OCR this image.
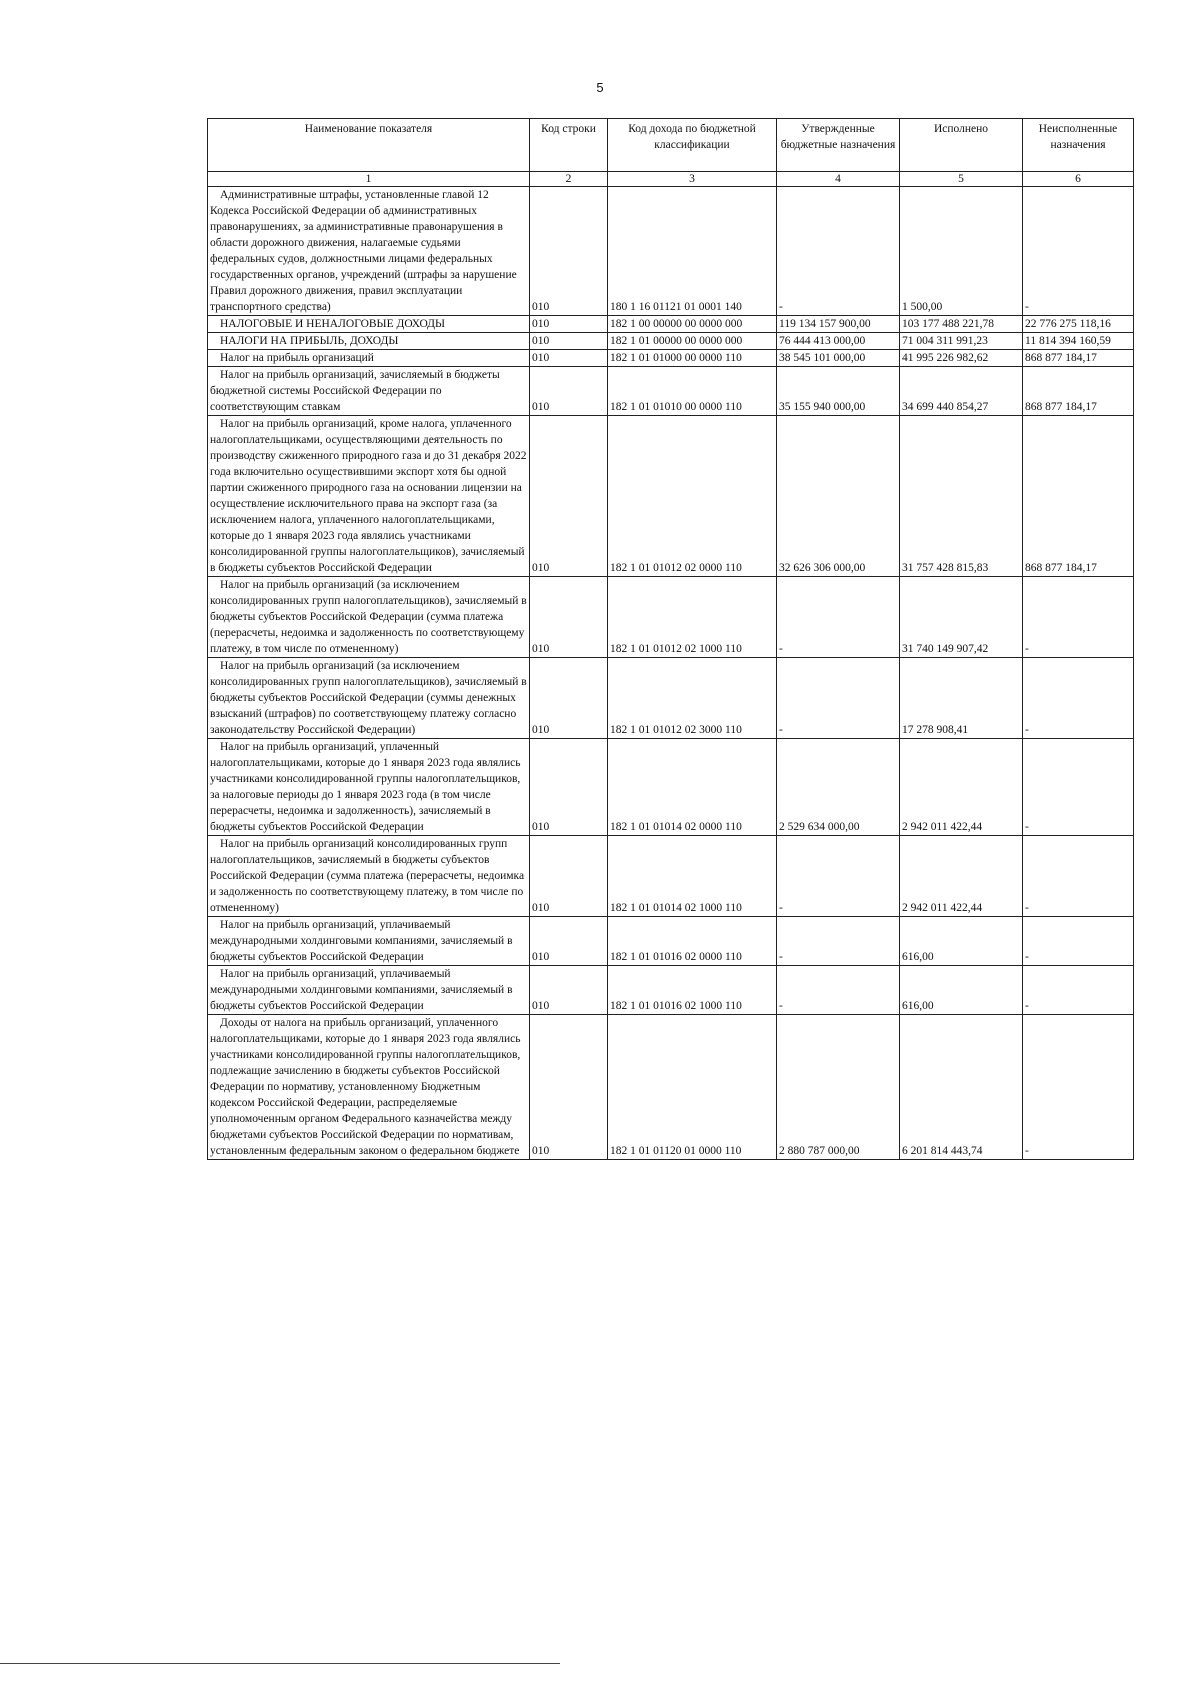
5
Наименование показателя	Код строки	Код дохода по бюджетной классификации	Утвержденные бюджетные назначения	Исполнено	Неисполненные назначения
1	2	3	4	5	6
Административные штрафы, установленные главой 12 Кодекса Российской Федерации об административных правонарушениях, за административные правонарушения в области дорожного движения, налагаемые судьями федеральных судов, должностными лицами федеральных государственных органов, учреждений (штрафы за нарушение Правил дорожного движения, правил эксплуатации транспортного средства)	010	180 1 16 01121 01 0001 140	-	1 500,00	-
НАЛОГОВЫЕ И НЕНАЛОГОВЫЕ ДОХОДЫ	010	182 1 00 00000 00 0000 000	119 134 157 900,00	103 177 488 221,78	22 776 275 118,16
НАЛОГИ НА ПРИБЫЛЬ, ДОХОДЫ	010	182 1 01 00000 00 0000 000	76 444 413 000,00	71 004 311 991,23	11 814 394 160,59
Налог на прибыль организаций	010	182 1 01 01000 00 0000 110	38 545 101 000,00	41 995 226 982,62	868 877 184,17
Налог на прибыль организаций, зачисляемый в бюджеты бюджетной системы Российской Федерации по соответствующим ставкам	010	182 1 01 01010 00 0000 110	35 155 940 000,00	34 699 440 854,27	868 877 184,17
Налог на прибыль организаций, кроме налога, уплаченного налогоплательщиками, осуществляющими деятельность по производству сжиженного природного газа и до 31 декабря 2022 года включительно осуществившими экспорт хотя бы одной партии сжиженного природного газа на основании лицензии на осуществление исключительного права на экспорт газа (за исключением налога, уплаченного налогоплательщиками, которые до 1 января 2023 года являлись участниками консолидированной группы налогоплательщиков), зачисляемый в бюджеты субъектов Российской Федерации	010	182 1 01 01012 02 0000 110	32 626 306 000,00	31 757 428 815,83	868 877 184,17
Налог на прибыль организаций (за исключением консолидированных групп налогоплательщиков), зачисляемый в бюджеты субъектов Российской Федерации (сумма платежа (перерасчеты, недоимка и задолженность по соответствующему платежу, в том числе по отмененному)	010	182 1 01 01012 02 1000 110	-	31 740 149 907,42	-
Налог на прибыль организаций (за исключением консолидированных групп налогоплательщиков), зачисляемый в бюджеты субъектов Российской Федерации (суммы денежных взысканий (штрафов) по соответствующему платежу согласно законодательству Российской Федерации)	010	182 1 01 01012 02 3000 110	-	17 278 908,41	-
Налог на прибыль организаций, уплаченный налогоплательщиками, которые до 1 января 2023 года являлись участниками консолидированной группы налогоплательщиков, за налоговые периоды до 1 января 2023 года (в том числе перерасчеты, недоимка и задолженность), зачисляемый в бюджеты субъектов Российской Федерации	010	182 1 01 01014 02 0000 110	2 529 634 000,00	2 942 011 422,44	-
Налог на прибыль организаций консолидированных групп налогоплательщиков, зачисляемый в бюджеты субъектов Российской Федерации (сумма платежа (перерасчеты, недоимка и задолженность по соответствующему платежу, в том числе по отмененному)	010	182 1 01 01014 02 1000 110	-	2 942 011 422,44	-
Налог на прибыль организаций, уплачиваемый международными холдинговыми компаниями, зачисляемый в бюджеты субъектов Российской Федерации	010	182 1 01 01016 02 0000 110	-	616,00	-
Налог на прибыль организаций, уплачиваемый международными холдинговыми компаниями, зачисляемый в бюджеты субъектов Российской Федерации	010	182 1 01 01016 02 1000 110	-	616,00	-
Доходы от налога на прибыль организаций, уплаченного налогоплательщиками, которые до 1 января 2023 года являлись участниками консолидированной группы налогоплательщиков, подлежащие зачислению в бюджеты субъектов Российской Федерации по нормативу, установленному Бюджетным кодексом Российской Федерации, распределяемые уполномоченным органом Федерального казначейства между бюджетами субъектов Российской Федерации по нормативам, установленным федеральным законом о федеральном бюджете	010	182 1 01 01120 01 0000 110	2 880 787 000,00	6 201 814 443,74	-
